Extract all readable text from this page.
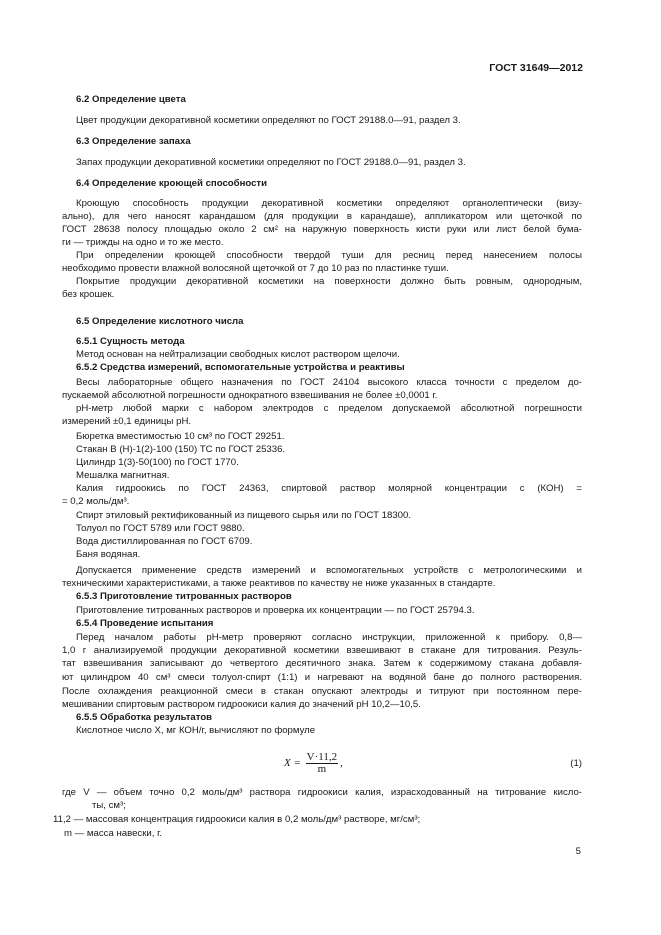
ГОСТ 31649—2012
6.2 Определение цвета
Цвет продукции декоративной косметики определяют по ГОСТ 29188.0—91, раздел 3.
6.3 Определение запаха
Запах продукции декоративной косметики определяют по ГОСТ 29188.0—91, раздел 3.
6.4 Определение кроющей способности
Кроющую способность продукции декоративной косметики определяют органолептически (визу-
ально), для чего наносят карандашом (для продукции в карандаше), аппликатором или щеточкой по
ГОСТ 28638 полосу площадью около 2 см² на наружную поверхность кисти руки или лист белой бума-
ги — трижды на одно и то же место.
При определении кроющей способности твердой туши для ресниц перед нанесением полосы
необходимо провести влажной волосяной щеточкой от 7 до 10 раз по пластинке туши.
Покрытие продукции декоративной косметики на поверхности должно быть ровным, однородным,
без крошек.
6.5 Определение кислотного числа
6.5.1 Сущность метода
Метод основан на нейтрализации свободных кислот раствором щелочи.
6.5.2 Средства измерений, вспомогательные устройства и реактивы
Весы лабораторные общего назначения по ГОСТ 24104 высокого класса точности с пределом до-
пускаемой абсолютной погрешности однократного взвешивания не более ±0,0001 г.
pH-метр любой марки с набором электродов с пределом допускаемой абсолютной погрешности
измерений ±0,1 единицы pH.
Бюретка вместимостью 10 см³ по ГОСТ 29251.
Стакан В (Н)-1(2)-100 (150) ТС по ГОСТ 25336.
Цилиндр 1(3)-50(100) по ГОСТ 1770.
Мешалка магнитная.
Калия гидроокись по ГОСТ 24363, спиртовой раствор молярной концентрации c (КОН) =
= 0,2 моль/дм³.
Спирт этиловый ректификованный из пищевого сырья или по ГОСТ 18300.
Толуол по ГОСТ 5789 или ГОСТ 9880.
Вода дистиллированная по ГОСТ 6709.
Баня водяная.
Допускается применение средств измерений и вспомогательных устройств с метрологическими и
техническими характеристиками, а также реактивов по качеству не ниже указанных в стандарте.
6.5.3 Приготовление титрованных растворов
Приготовление титрованных растворов и проверка их концентрации — по ГОСТ 25794.3.
6.5.4 Проведение испытания
Перед началом работы pH-метр проверяют согласно инструкции, приложенной к прибору. 0,8—
1,0 г анализируемой продукции декоративной косметики взвешивают в стакане для титрования. Резуль-
тат взвешивания записывают до четвертого десятичного знака. Затем к содержимому стакана добавля-
ют цилиндром 40 см³ смеси толуол-спирт (1:1) и нагревают на водяной бане до полного растворения.
После охлаждения реакционной смеси в стакан опускают электроды и титруют при постоянном пере-
мешивании спиртовым раствором гидроокиси калия до значений pH 10,2—10,5.
6.5.5 Обработка результатов
Кислотное число X, мг КОН/г, вычисляют по формуле
где V — объем точно 0,2 моль/дм³ раствора гидроокиси калия, израсходованный на титрование кисло-
ты, см³;
11,2 — массовая концентрация гидроокиси калия в 0,2 моль/дм³ растворе, мг/см³;
m — масса навески, г.
$X = \frac{V\cdot 11,2}{m}$ ,	(1)
5
